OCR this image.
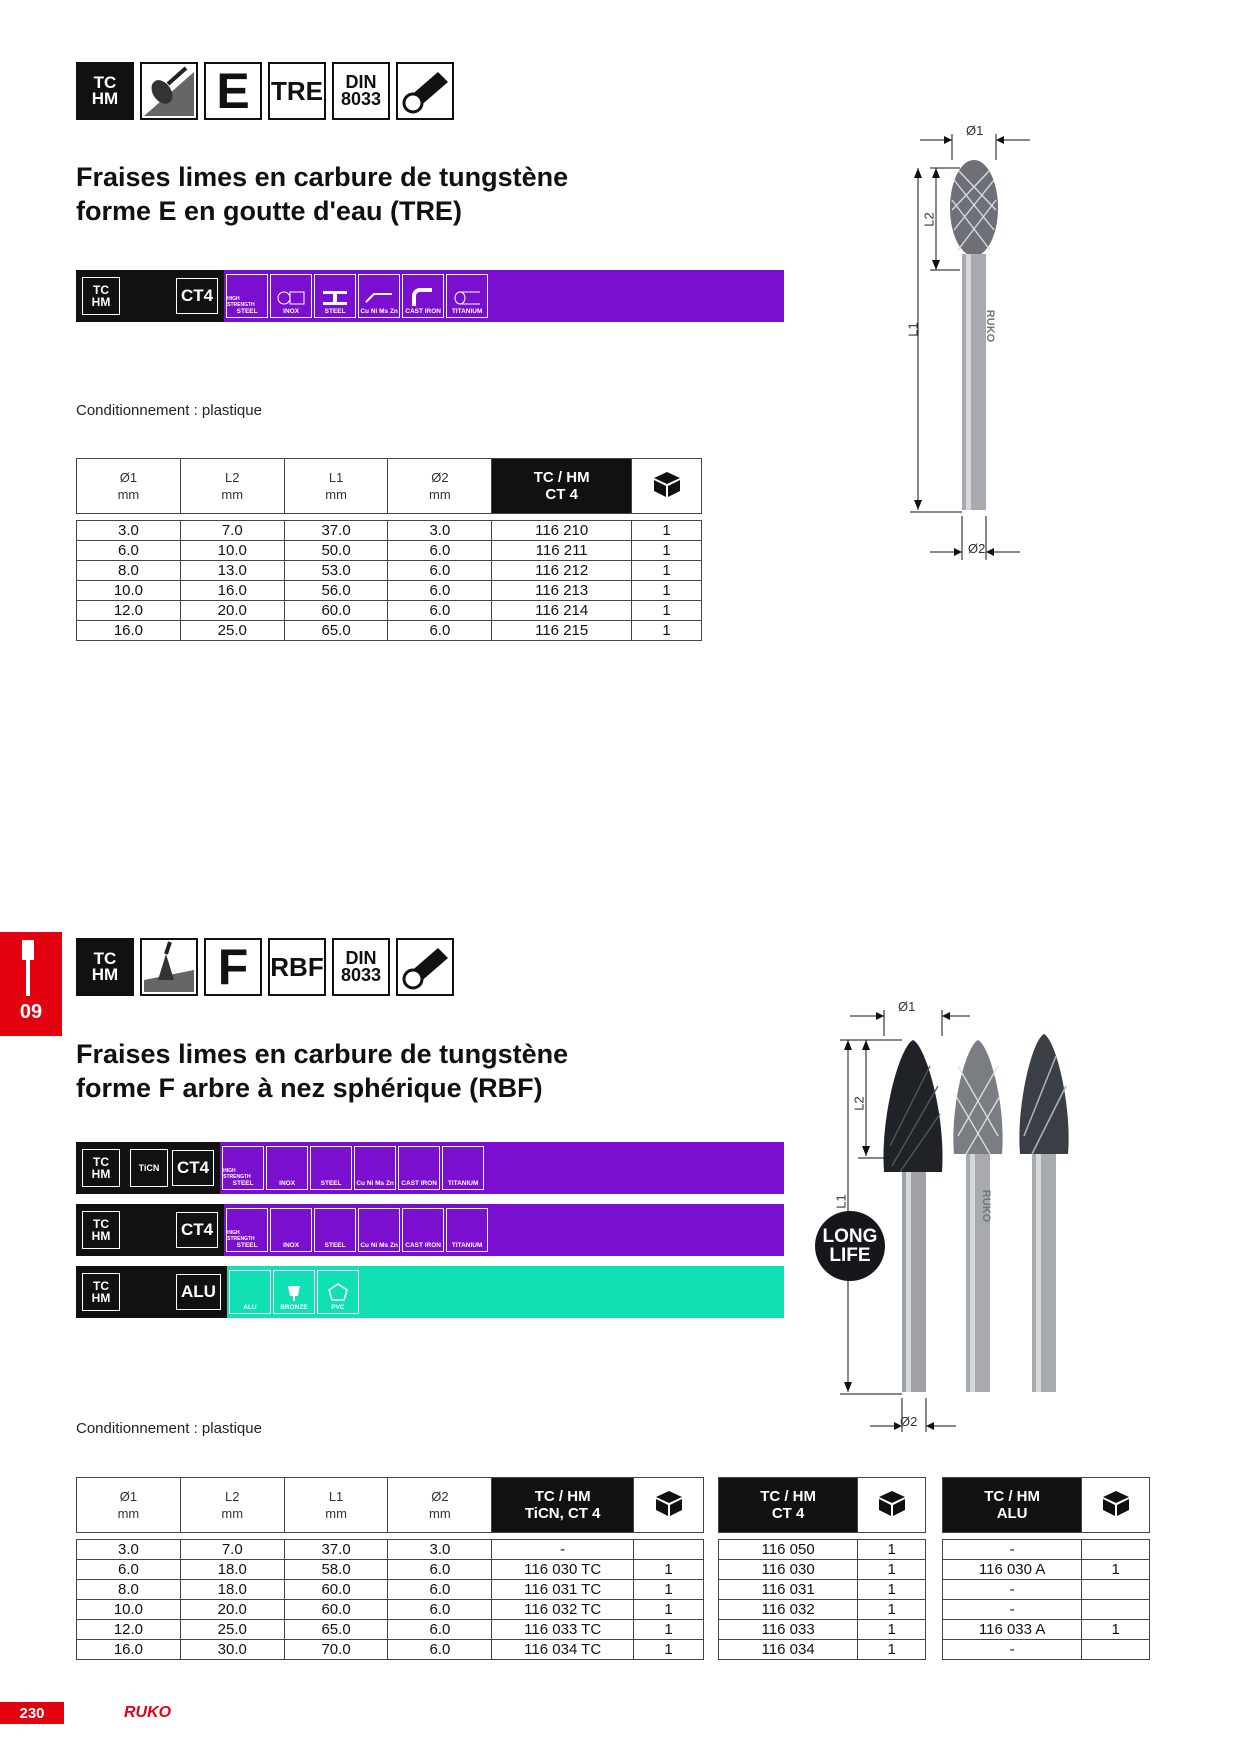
TC
HM E TRE DIN
8033
Fraises limes en carbure de tungstène
forme E en goutte d'eau (TRE)
TC
HM	CT4	HIGH STRENGTH
STEEL	INOX	STEEL Cu Ni Ms Zn CAST IRON TITANIUM
Conditionnement : plastique
Ø1
mm	L2
mm	L1
mm	Ø2
mm	TC / HM
CT 4	

3.0	7.0	37.0	3.0	116 210	1
6.0	10.0	50.0	6.0	116 211	1
8.0	13.0	53.0	6.0	116 212	1
10.0	16.0	56.0	6.0	116 213	1
12.0	20.0	60.0	6.0	116 214	1
16.0	25.0	65.0	6.0	116 215	1
Ø1
L2
L1
Ø2
RUKO
09
TC
HM F RBF DIN
8033
Fraises limes en carbure de tungstène
forme F arbre à nez sphérique (RBF)
TC
HM	TiCN	CT4	HIGH STRENGTH
STEEL	INOX	STEEL Cu Ni Ms Zn CAST IRON TITANIUM
TC
HM	CT4	HIGH STRENGTH
STEEL	INOX	STEEL Cu Ni Ms Zn CAST IRON TITANIUM
TC
HM	ALU
ALU	BRONZE	PVC
Conditionnement : plastique
Ø1
mm	L2
mm	L1
mm	Ø2
mm	TC / HM
TiCN, CT 4	

3.0	7.0	37.0	3.0	-	
6.0	18.0	58.0	6.0	116 030 TC	1
8.0	18.0	60.0	6.0	116 031 TC	1
10.0	20.0	60.0	6.0	116 032 TC	1
12.0	25.0	65.0	6.0	116 033 TC	1
16.0	30.0	70.0	6.0	116 034 TC	1
TC / HM
CT 4	

116 050	1
116 030	1
116 031	1
116 032	1
116 033	1
116 034	1
TC / HM
ALU	

-	
116 030 A	1
-	
-	
116 033 A	1
-	
Ø1
L2
L1
Ø2
RUKO
LONG
LIFE
230	RUKO
